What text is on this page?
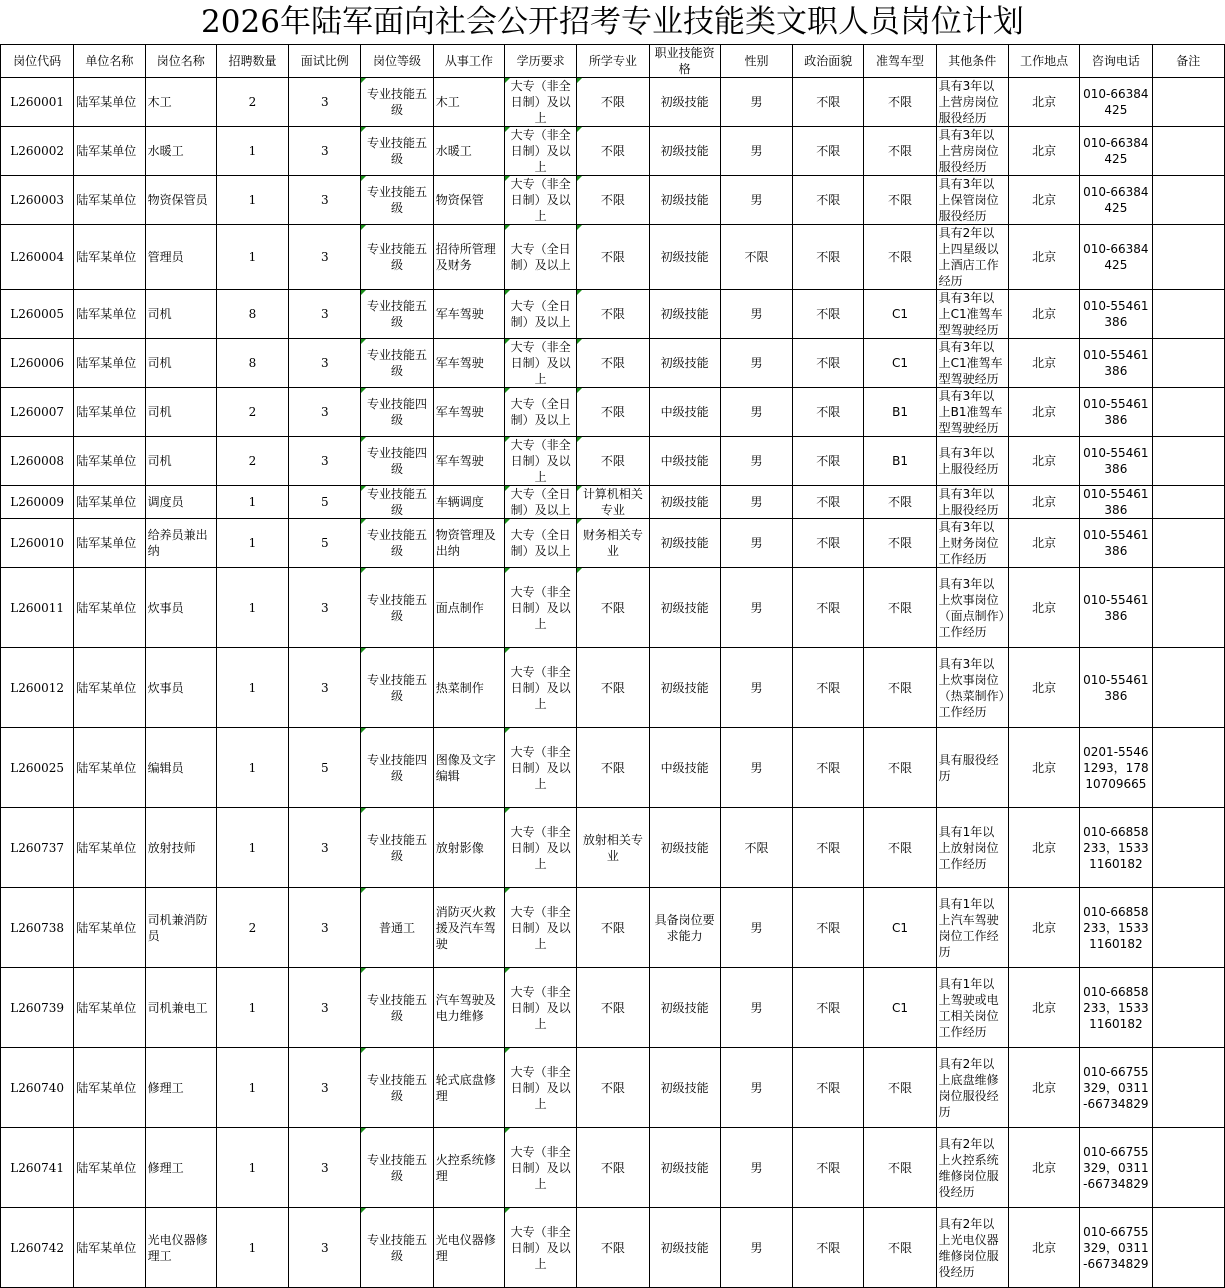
2026年陆军面向社会公开招考专业技能类文职人员岗位计划
岗位代码	单位名称	岗位名称	招聘数量	面试比例	岗位等级	从事工作	学历要求	所学专业	职业技能资格	性别	政治面貌	准驾车型	其他条件	工作地点	咨询电话	备注
L260001	陆军某单位	木工	2	3	专业技能五级	木工	大专（非全日制）及以上	不限	初级技能	男	不限	不限	具有3年以上营房岗位服役经历	北京	010-66384425	
L260002	陆军某单位	水暖工	1	3	专业技能五级	水暖工	大专（非全日制）及以上	不限	初级技能	男	不限	不限	具有3年以上营房岗位服役经历	北京	010-66384425	
L260003	陆军某单位	物资保管员	1	3	专业技能五级	物资保管	大专（非全日制）及以上	不限	初级技能	男	不限	不限	具有3年以上保管岗位服役经历	北京	010-66384425	
L260004	陆军某单位	管理员	1	3	专业技能五级	招待所管理及财务	大专（全日制）及以上	不限	初级技能	不限	不限	不限	具有2年以上四星级以上酒店工作经历	北京	010-66384425	
L260005	陆军某单位	司机	8	3	专业技能五级	军车驾驶	大专（全日制）及以上	不限	初级技能	男	不限	C1	具有3年以上C1准驾车型驾驶经历	北京	010-55461386	
L260006	陆军某单位	司机	8	3	专业技能五级	军车驾驶	大专（非全日制）及以上	不限	初级技能	男	不限	C1	具有3年以上C1准驾车型驾驶经历	北京	010-55461386	
L260007	陆军某单位	司机	2	3	专业技能四级	军车驾驶	大专（全日制）及以上	不限	中级技能	男	不限	B1	具有3年以上B1准驾车型驾驶经历	北京	010-55461386	
L260008	陆军某单位	司机	2	3	专业技能四级	军车驾驶	大专（非全日制）及以上	不限	中级技能	男	不限	B1	具有3年以上服役经历	北京	010-55461386	
L260009	陆军某单位	调度员	1	5	专业技能五级	车辆调度	大专（全日制）及以上	计算机相关专业	初级技能	男	不限	不限	具有3年以上服役经历	北京	010-55461386	
L260010	陆军某单位	给养员兼出纳	1	5	专业技能五级	物资管理及出纳	大专（全日制）及以上	财务相关专业	初级技能	男	不限	不限	具有3年以上财务岗位工作经历	北京	010-55461386	
L260011	陆军某单位	炊事员	1	3	专业技能五级	面点制作	大专（非全日制）及以上	不限	初级技能	男	不限	不限	具有3年以上炊事岗位（面点制作）工作经历	北京	010-55461386	
L260012	陆军某单位	炊事员	1	3	专业技能五级	热菜制作	大专（非全日制）及以上	不限	初级技能	男	不限	不限	具有3年以上炊事岗位（热菜制作）工作经历	北京	010-55461386	
L260025	陆军某单位	编辑员	1	5	专业技能四级	图像及文字编辑	大专（非全日制）及以上	不限	中级技能	男	不限	不限	具有服役经历	北京	0201-55461293，17810709665	
L260737	陆军某单位	放射技师	1	3	专业技能五级	放射影像	大专（非全日制）及以上	放射相关专业	初级技能	不限	不限	不限	具有1年以上放射岗位工作经历	北京	010-66858233，15331160182	
L260738	陆军某单位	司机兼消防员	2	3	普通工	消防灭火救援及汽车驾驶	大专（非全日制）及以上	不限	具备岗位要求能力	男	不限	C1	具有1年以上汽车驾驶岗位工作经历	北京	010-66858233，15331160182	
L260739	陆军某单位	司机兼电工	1	3	专业技能五级	汽车驾驶及电力维修	大专（非全日制）及以上	不限	初级技能	男	不限	C1	具有1年以上驾驶或电工相关岗位工作经历	北京	010-66858233，15331160182	
L260740	陆军某单位	修理工	1	3	专业技能五级	轮式底盘修理	大专（非全日制）及以上	不限	初级技能	男	不限	不限	具有2年以上底盘维修岗位服役经历	北京	010-66755329，0311-66734829	
L260741	陆军某单位	修理工	1	3	专业技能五级	火控系统修理	大专（非全日制）及以上	不限	初级技能	男	不限	不限	具有2年以上火控系统维修岗位服役经历	北京	010-66755329，0311-66734829	
L260742	陆军某单位	光电仪器修理工	1	3	专业技能五级	光电仪器修理	大专（非全日制）及以上	不限	初级技能	男	不限	不限	具有2年以上光电仪器维修岗位服役经历	北京	010-66755329，0311-66734829	
